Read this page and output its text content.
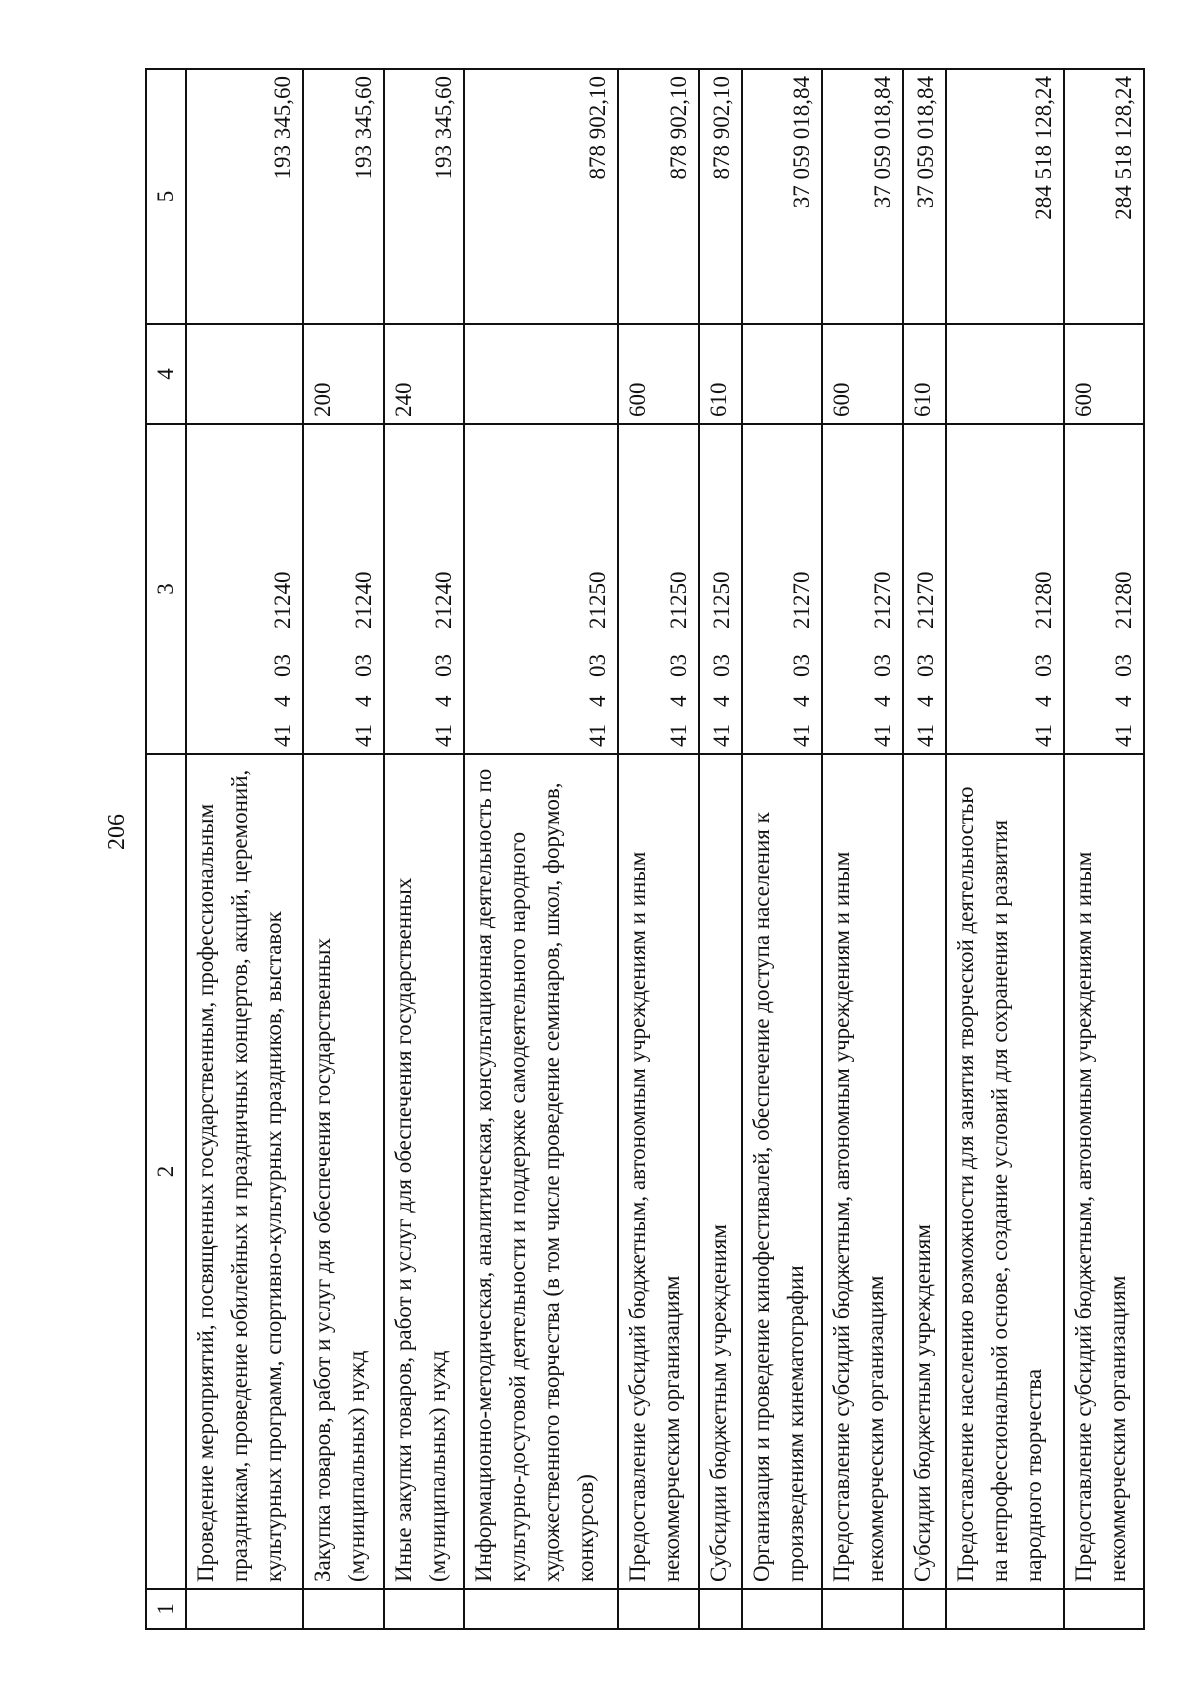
206
1	2	3	4	5
	Проведение мероприятий, посвященных государственным, профессиональным праздникам, проведение юбилейных и праздничных концертов, акций, церемоний, культурных программ, спортивно-культурных праздников, выставок	4140321240		193 345,60
	Закупка товаров, работ и услуг для обеспечения государственных (муниципальных) нужд	4140321240	200	193 345,60
	Иные закупки товаров, работ и услуг для обеспечения государственных (муниципальных) нужд	4140321240	240	193 345,60
	Информационно-методическая, аналитическая, консультационная деятельность по культурно-досуговой деятельности и поддержке самодеятельного народного художественного творчества (в том числе проведение семинаров, школ, форумов, конкурсов)	4140321250		878 902,10
	Предоставление субсидий бюджетным, автономным учреждениям и иным некоммерческим организациям	4140321250	600	878 902,10
	Субсидии бюджетным учреждениям	4140321250	610	878 902,10
	Организация и проведение кинофестивалей, обеспечение доступа населения к произведениям кинематографии	4140321270		37 059 018,84
	Предоставление субсидий бюджетным, автономным учреждениям и иным некоммерческим организациям	4140321270	600	37 059 018,84
	Субсидии бюджетным учреждениям	4140321270	610	37 059 018,84
	Предоставление населению возможности для занятия творческой деятельностью на непрофессиональной основе, создание условий для сохранения и развития народного творчества	4140321280		284 518 128,24
	Предоставление субсидий бюджетным, автономным учреждениям и иным некоммерческим организациям	4140321280	600	284 518 128,24
